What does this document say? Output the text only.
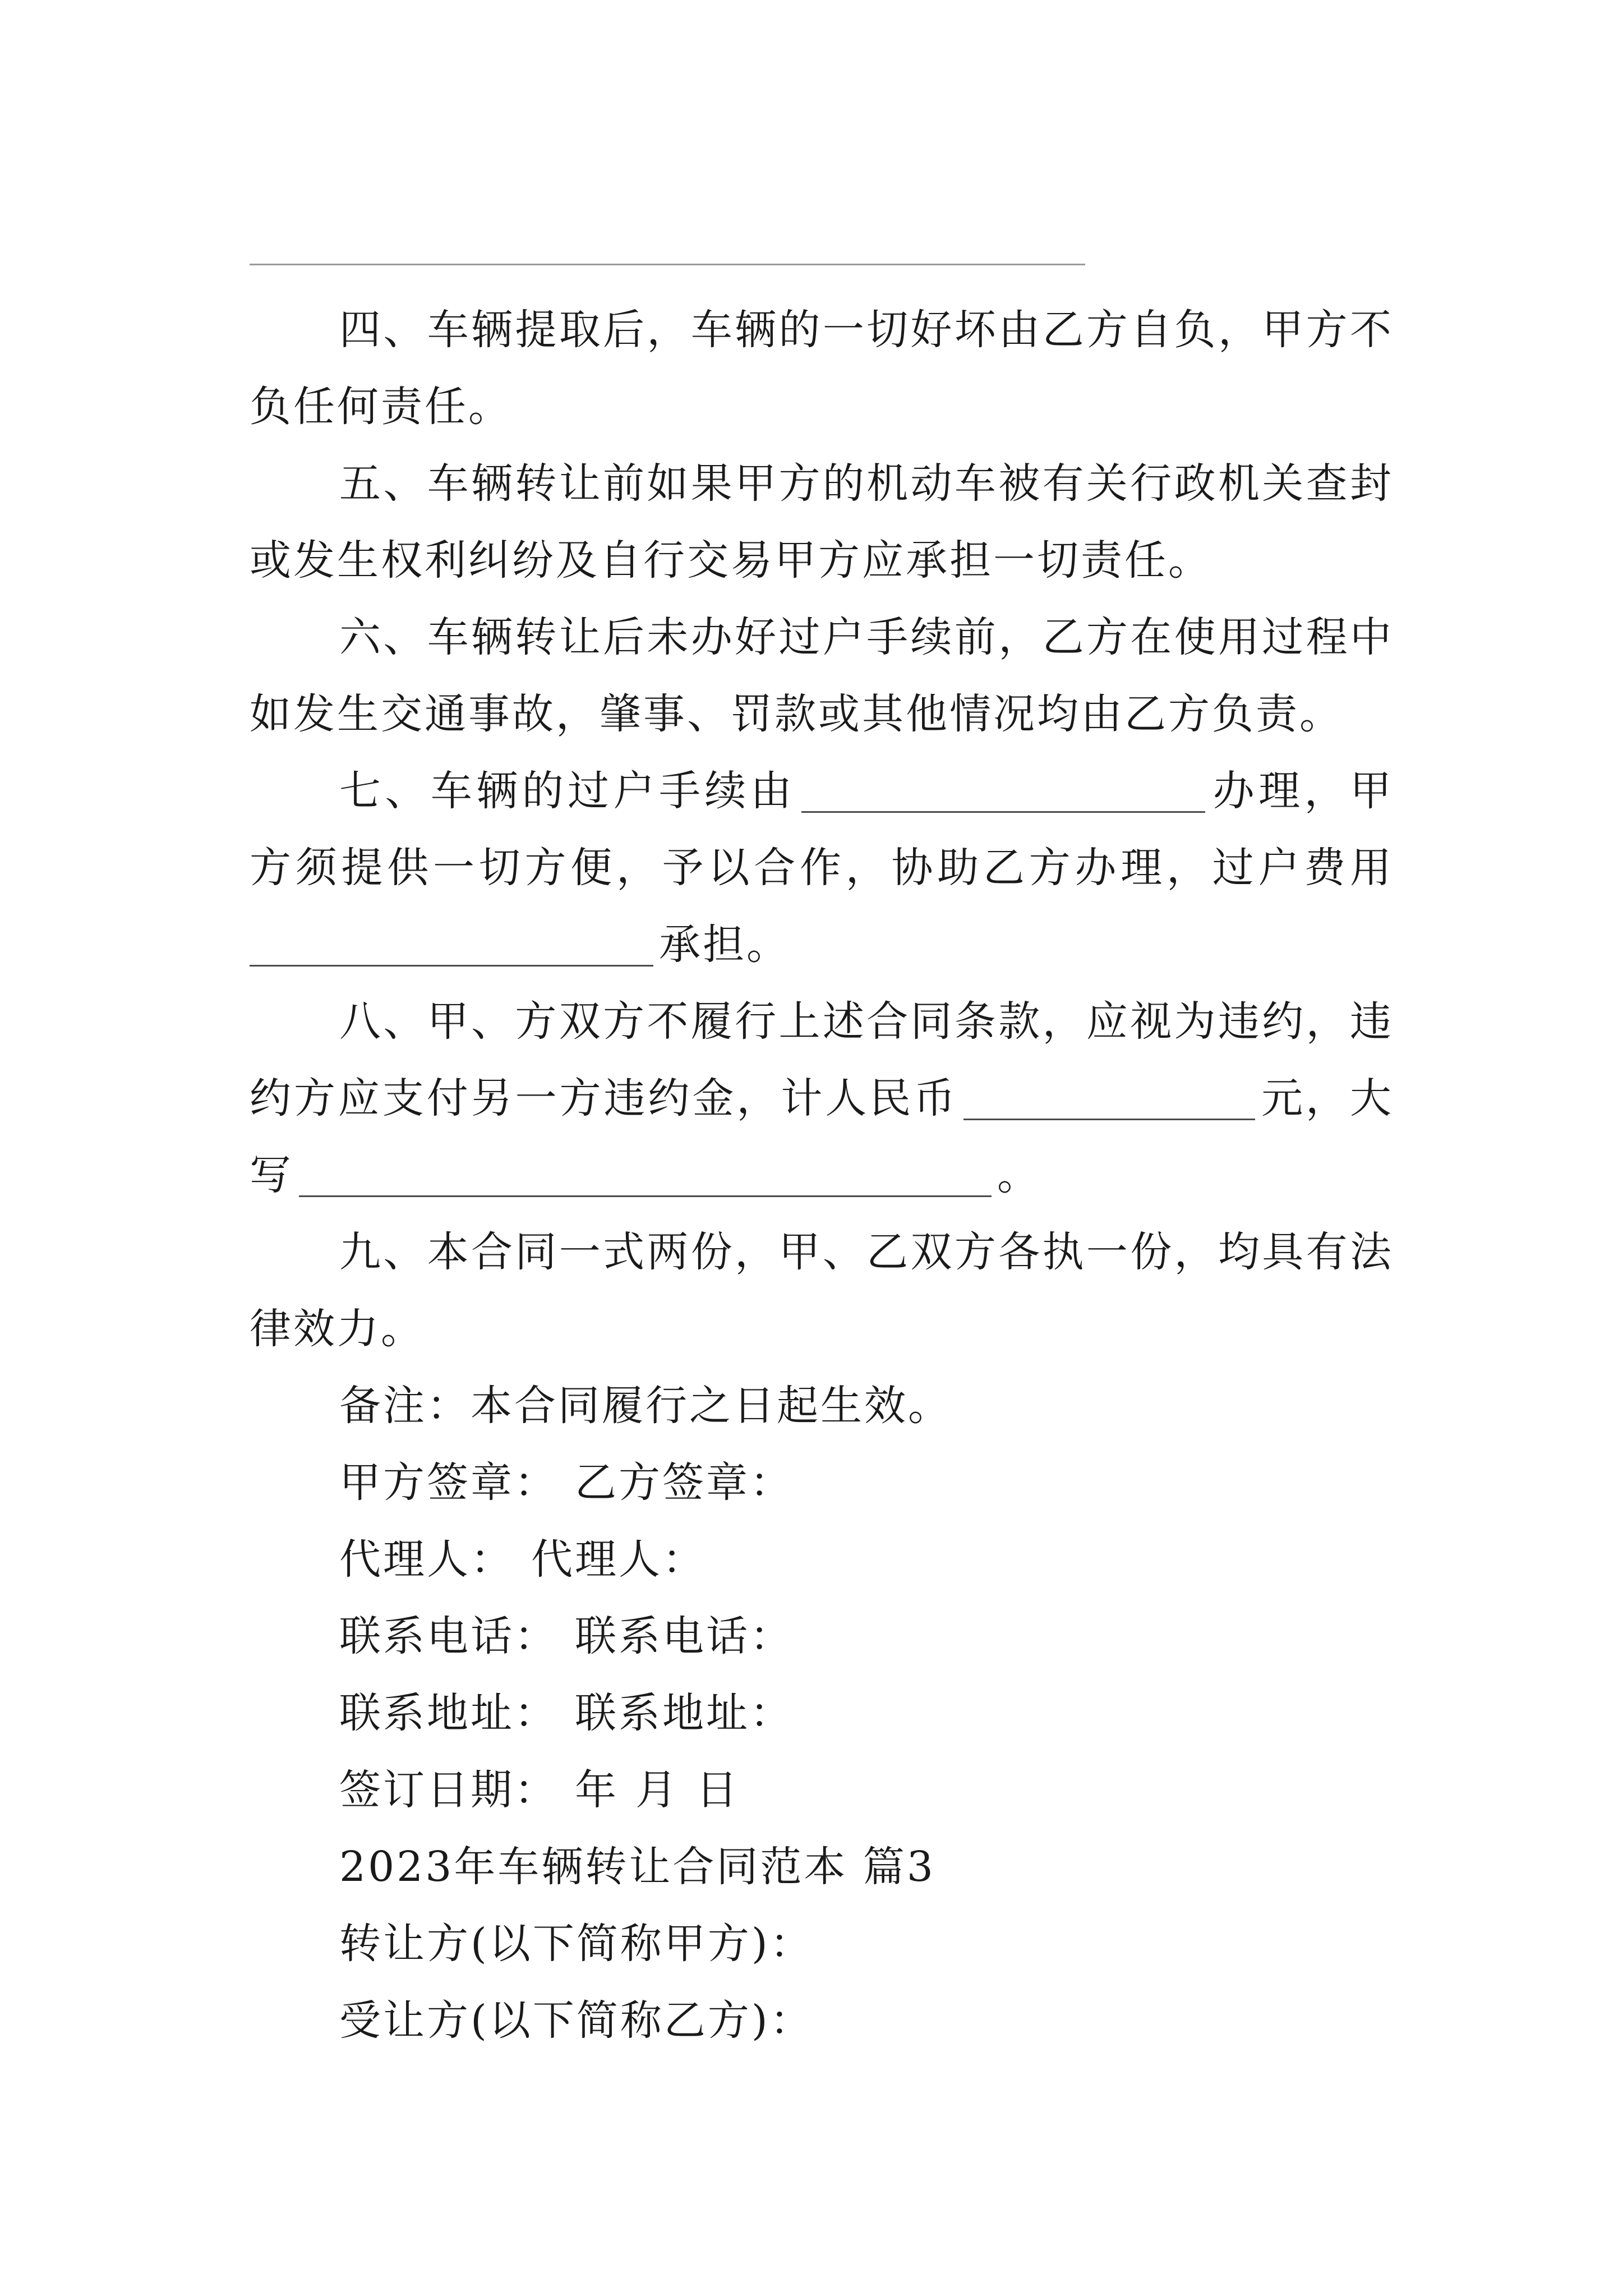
四、车辆提取后，车辆的一切好坏由乙方自负，甲方不负任何责任。

五、车辆转让前如果甲方的机动车被有关行政机关查封或发生权利纠纷及自行交易甲方应承担一切责任。

六、车辆转让后未办好过户手续前，乙方在使用过程中如发生交通事故，肇事、罚款或其他情况均由乙方负责。

七、车辆的过户手续由	办理，甲方须提供一切方便，予以合作，协助乙方办理，过户费用承担。

八、甲、方双方不履行上述合同条款，应视为违约，违约方应支付另一方违约金，计人民币	元，大写	。

九、本合同一式两份，甲、乙双方各执一份，均具有法律效力。

备注：本合同履行之日起生效。

甲方签章： 乙方签章：

代理人： 代理人：

联系电话： 联系电话：

联系地址： 联系地址：

签订日期： 年 月 日

2023年车辆转让合同范本 篇3

转让方(以下简称甲方)：

受让方(以下简称乙方)：
